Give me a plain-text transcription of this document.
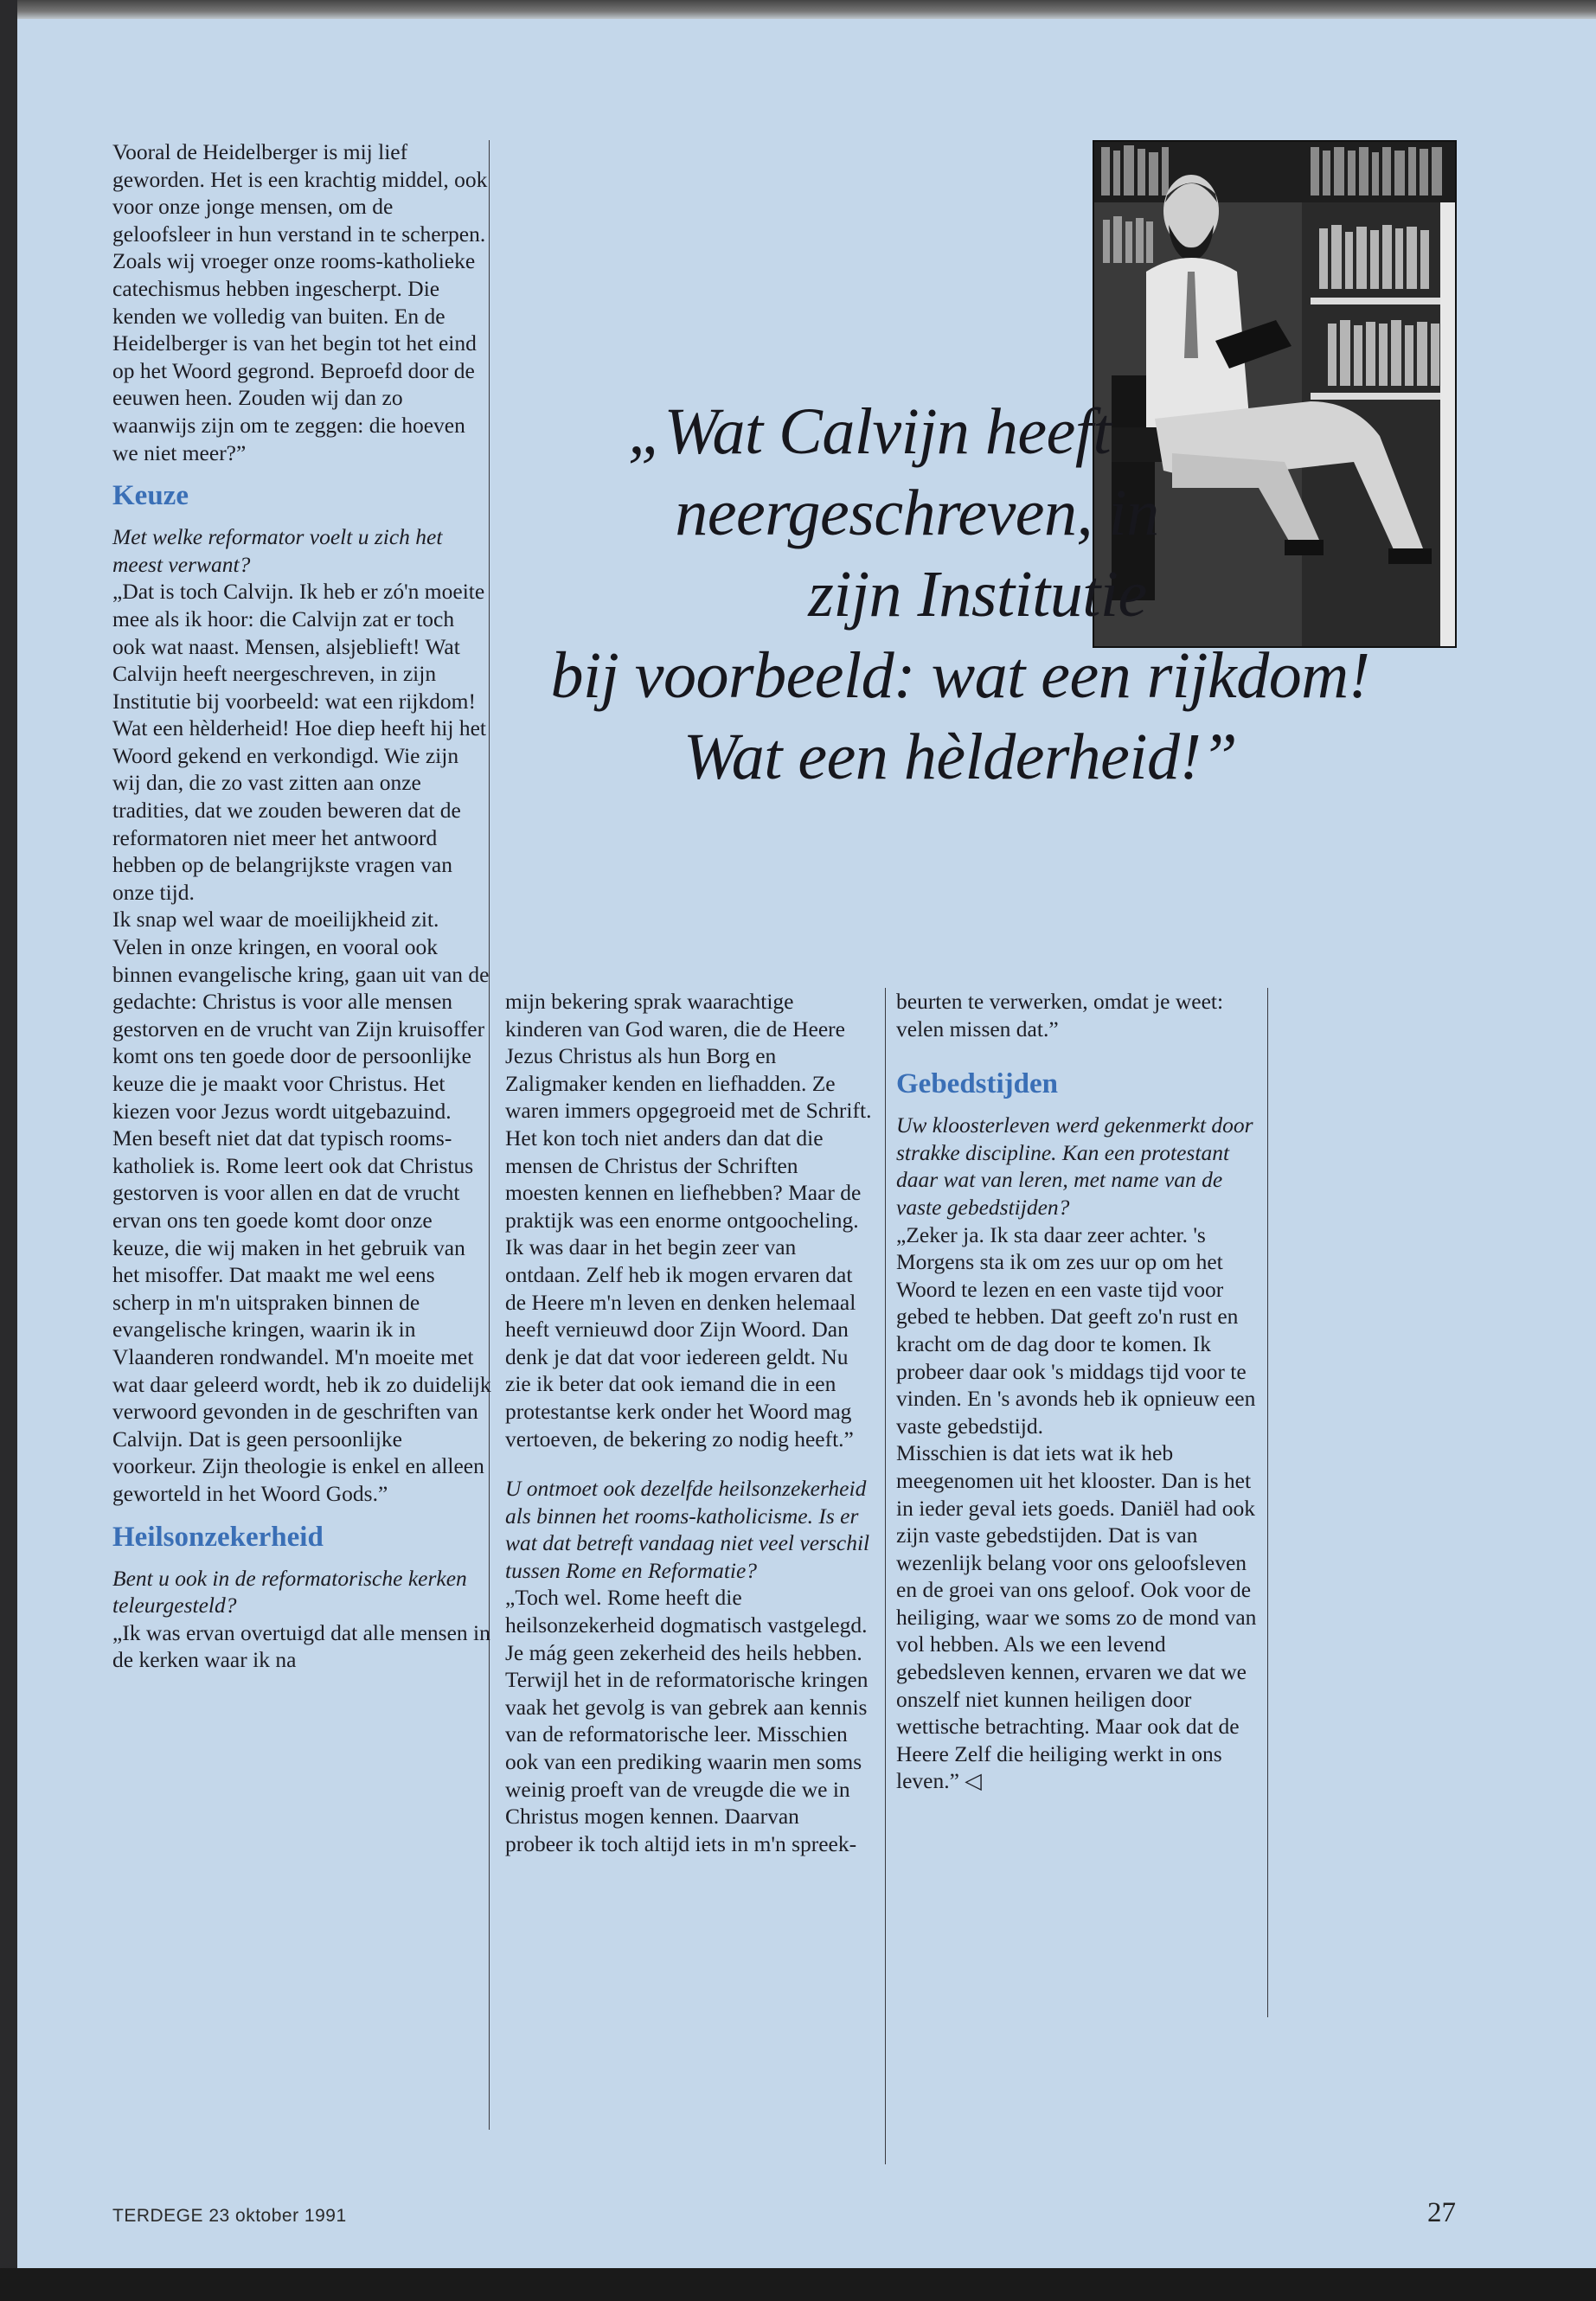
„Wat Calvijn heeft
neergeschreven, in
zijn Institutie
bij voorbeeld: wat een rijkdom!
Wat een hèlderheid!”

Vooral de Heidelberger is mij lief geworden. Het is een krachtig middel, ook voor onze jonge mensen, om de geloofsleer in hun verstand in te scherpen. Zoals wij vroeger onze rooms-katholieke catechismus hebben ingescherpt. Die kenden we volledig van buiten. En de Heidelberger is van het begin tot het eind op het Woord gegrond. Beproefd door de eeuwen heen. Zouden wij dan zo waanwijs zijn om te zeggen: die hoeven we niet meer?”

Keuze

Met welke reformator voelt u zich het meest verwant?

„Dat is toch Calvijn. Ik heb er zó'n moeite mee als ik hoor: die Calvijn zat er toch ook wat naast. Mensen, alsjeblieft! Wat Calvijn heeft neergeschreven, in zijn Institutie bij voorbeeld: wat een rijkdom! Wat een hèlderheid! Hoe diep heeft hij het Woord gekend en verkondigd. Wie zijn wij dan, die zo vast zitten aan onze tradities, dat we zouden beweren dat de reformatoren niet meer het antwoord hebben op de belangrijkste vragen van onze tijd.

Ik snap wel waar de moeilijkheid zit. Velen in onze kringen, en vooral ook binnen evangelische kring, gaan uit van de gedachte: Christus is voor alle mensen gestorven en de vrucht van Zijn kruisoffer komt ons ten goede door de persoonlijke keuze die je maakt voor Christus. Het kiezen voor Jezus wordt uitgebazuind.

Men beseft niet dat dat typisch rooms-katholiek is. Rome leert ook dat Christus gestorven is voor allen en dat de vrucht ervan ons ten goede komt door onze keuze, die wij maken in het gebruik van het misoffer. Dat maakt me wel eens scherp in m'n uitspraken binnen de evangelische kringen, waarin ik in Vlaanderen rondwandel. M'n moeite met wat daar geleerd wordt, heb ik zo duidelijk verwoord gevonden in de geschriften van Calvijn. Dat is geen persoonlijke voorkeur. Zijn theologie is enkel en alleen geworteld in het Woord Gods.”

Heilsonzekerheid

Bent u ook in de reformatorische kerken teleurgesteld?

„Ik was ervan overtuigd dat alle mensen in de kerken waar ik na

mijn bekering sprak waarachtige kinderen van God waren, die de Heere Jezus Christus als hun Borg en Zaligmaker kenden en liefhadden. Ze waren immers opgegroeid met de Schrift. Het kon toch niet anders dan dat die mensen de Christus der Schriften moesten kennen en liefhebben? Maar de praktijk was een enorme ontgoocheling. Ik was daar in het begin zeer van ontdaan. Zelf heb ik mogen ervaren dat de Heere m'n leven en denken helemaal heeft vernieuwd door Zijn Woord. Dan denk je dat dat voor iedereen geldt. Nu zie ik beter dat ook iemand die in een protestantse kerk onder het Woord mag vertoeven, de bekering zo nodig heeft.”

U ontmoet ook dezelfde heilsonzekerheid als binnen het rooms-katholicisme. Is er wat dat betreft vandaag niet veel verschil tussen Rome en Reformatie?

„Toch wel. Rome heeft die heilsonzekerheid dogmatisch vastgelegd. Je mág geen zekerheid des heils hebben. Terwijl het in de reformatorische kringen vaak het gevolg is van gebrek aan kennis van de reformatorische leer. Misschien ook van een prediking waarin men soms weinig proeft van de vreugde die we in Christus mogen kennen. Daarvan probeer ik toch altijd iets in m'n spreek-

beurten te verwerken, omdat je weet: velen missen dat.”

Gebedstijden

Uw kloosterleven werd gekenmerkt door strakke discipline. Kan een protestant daar wat van leren, met name van de vaste gebedstijden?

„Zeker ja. Ik sta daar zeer achter. 's Morgens sta ik om zes uur op om het Woord te lezen en een vaste tijd voor gebed te hebben. Dat geeft zo'n rust en kracht om de dag door te komen. Ik probeer daar ook 's middags tijd voor te vinden. En 's avonds heb ik opnieuw een vaste gebedstijd.

Misschien is dat iets wat ik heb meegenomen uit het klooster. Dan is het in ieder geval iets goeds. Daniël had ook zijn vaste gebedstijden. Dat is van wezenlijk belang voor ons geloofsleven en de groei van ons geloof. Ook voor de heiliging, waar we soms zo de mond van vol hebben. Als we een levend gebedsleven kennen, ervaren we dat we onszelf niet kunnen heiligen door wettische betrachting. Maar ook dat de Heere Zelf die heiliging werkt in ons leven.” ◁

TERDEGE 23 oktober 1991	27
